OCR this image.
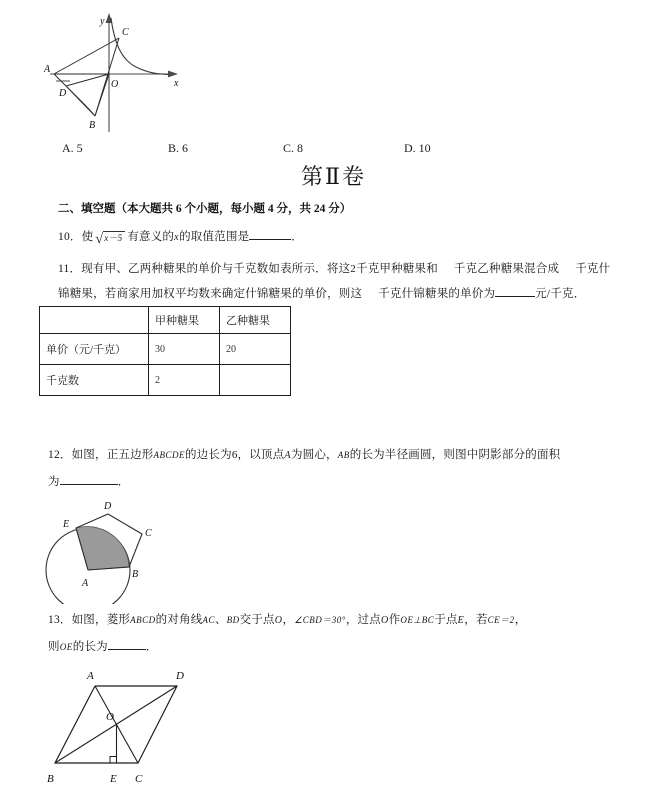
A
C
O
D
B
y
x
A. 5	B. 6	C. 8	D. 10
第Ⅱ卷
二、填空题（本大题共 6 个小题，每小题 4 分，共 24 分）
10．使 √x－5 有意义的x的取值范围是	．
11．现有甲、乙两种糖果的单价与千克数如表所示．将这2千克甲种糖果和 千克乙种糖果混合成 千克什
锦糖果，若商家用加权平均数来确定什锦糖果的单价，则这 千克什锦糖果的单价为	元/千克．
	甲种糖果	乙种糖果
单价（元/千克）	30	20
千克数	2	
12．如图，正五边形ABCDE的边长为6，以顶点A为圆心，AB的长为半径画圆，则图中阴影部分的面积
为	．
A
B
C
D
E
13．如图，菱形ABCD的对角线AC、BD交于点O，∠CBD＝30°，过点O作OE⊥BC于点E，若CE＝2，
则OE的长为	．
A	D
B	C
E
O
